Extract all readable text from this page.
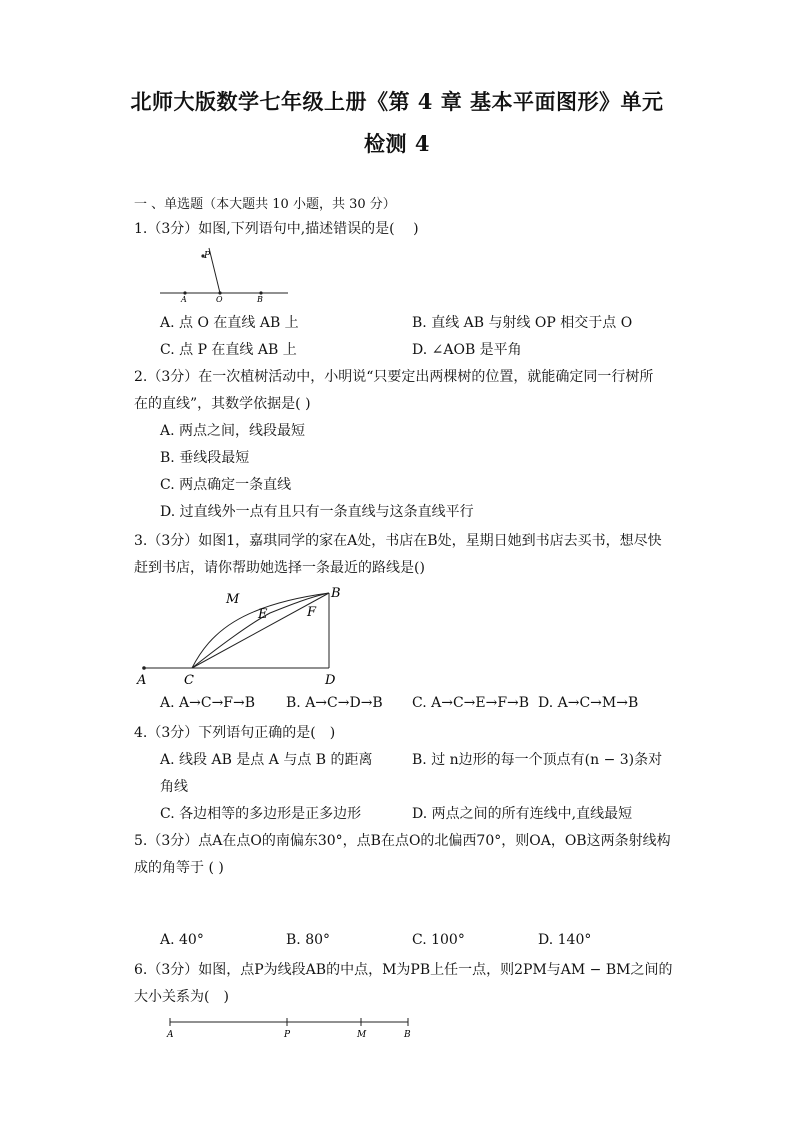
北师大版数学七年级上册《第 4 章 基本平面图形》单元
检测 4
一 、单选题（本大题共 10 小题，共 30 分）
1.（3分）如图,下列语句中,描述错误的是(　 )
P
A	O	B
A. 点 O 在直线 AB 上	B. 直线 AB 与射线 OP 相交于点 O
C. 点 P 在直线 AB 上	D. ∠AOB 是平角
2.（3分）在一次植树活动中，小明说“只要定出两棵树的位置，就能确定同一行树所
在的直线”，其数学依据是( )
A. 两点之间，线段最短
B. 垂线段最短
C. 两点确定一条直线
D. 过直线外一点有且只有一条直线与这条直线平行
3.（3分）如图1，嘉琪同学的家在A处，书店在B处，星期日她到书店去买书，想尽快
赶到书店，请你帮助她选择一条最近的路线是()
M	B
E	F
A	C	D
A. A→C→F→B B. A→C→D→B C. A→C→E→F→B D. A→C→M→B
4.（3分）下列语句正确的是(　)
A. 线段 AB 是点 A 与点 B 的距离	B. 过 n边形的每一个顶点有(n − 3)条对
角线
C. 各边相等的多边形是正多边形	D. 两点之间的所有连线中,直线最短
5.（3分）点A在点O的南偏东30°，点B在点O的北偏西70°，则OA，OB这两条射线构
成的角等于 ( )
A. 40°	B. 80°	C. 100°	D. 140°
6.（3分）如图，点P为线段AB的中点，M为PB上任一点，则2PM与AM − BM之间的
大小关系为(　)
A	P	M	B
